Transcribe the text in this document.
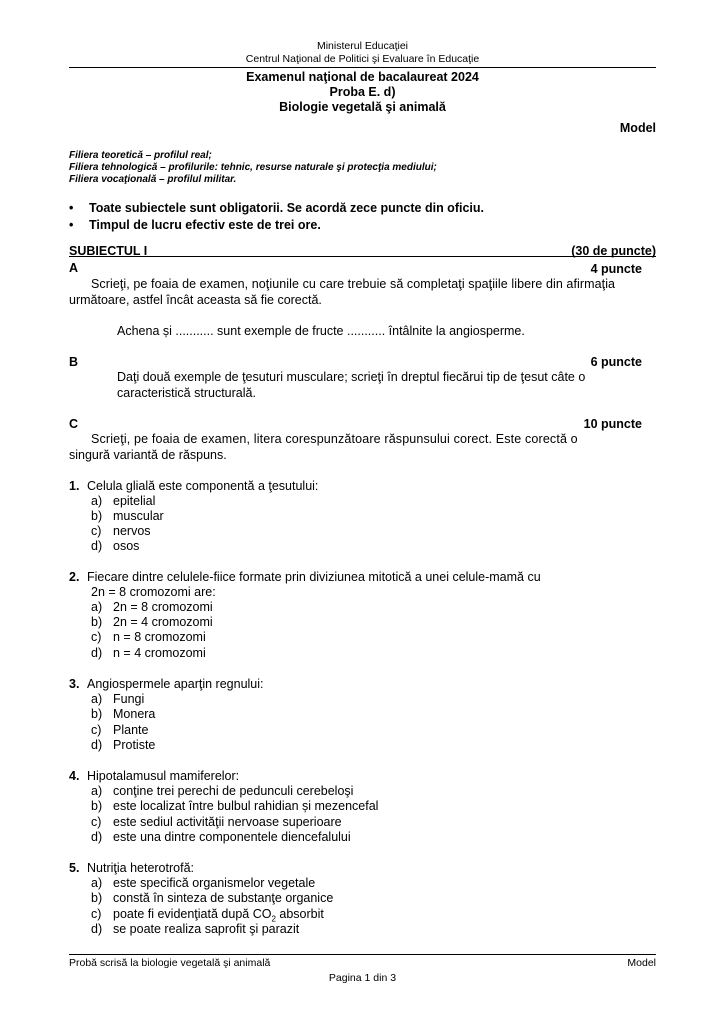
Ministerul Educaţiei
Centrul Naţional de Politici şi Evaluare în Educaţie
Examenul naţional de bacalaureat 2024
Proba E. d)
Biologie vegetală şi animală
Model
Filiera teoretică – profilul real;
Filiera tehnologică – profilurile: tehnic, resurse naturale şi protecţia mediului;
Filiera vocaţională – profilul militar.
• Toate subiectele sunt obligatorii. Se acordă zece puncte din oficiu.
• Timpul de lucru efectiv este de trei ore.
SUBIECTUL I	(30 de puncte)
A	4 puncte
Scrieţi, pe foaia de examen, noţiunile cu care trebuie să completaţi spaţiile libere din afirmaţia
următoare, astfel încât aceasta să fie corectă.
Achena și ........... sunt exemple de fructe ........... întâlnite la angiosperme.
B	6 puncte
Daţi două exemple de ţesuturi musculare; scrieţi în dreptul fiecărui tip de ţesut câte o
caracteristică structurală.
C	10 puncte
Scrieţi, pe foaia de examen, litera corespunzătoare răspunsului corect. Este corectă o
singură variantă de răspuns.
1. Celula glială este componentă a ţesutului:
a) epitelial
b) muscular
c) nervos
d) osos
2. Fiecare dintre celulele-fiice formate prin diviziunea mitotică a unei celule-mamă cu
2n = 8 cromozomi are:
a) 2n = 8 cromozomi
b) 2n = 4 cromozomi
c) n = 8 cromozomi
d) n = 4 cromozomi
3. Angiospermele aparţin regnului:
a) Fungi
b) Monera
c) Plante
d) Protiste
4. Hipotalamusul mamiferelor:
a) conţine trei perechi de pedunculi cerebeloşi
b) este localizat între bulbul rahidian și mezencefal
c) este sediul activităţii nervoase superioare
d) este una dintre componentele diencefalului
5. Nutriţia heterotrofă:
a) este specifică organismelor vegetale
b) constă în sinteza de substanţe organice
c) poate fi evidenţiată după $CO_2$ absorbit
d) se poate realiza saprofit şi parazit
Probă scrisă la biologie vegetală şi animală	Model
Pagina 1 din 3
